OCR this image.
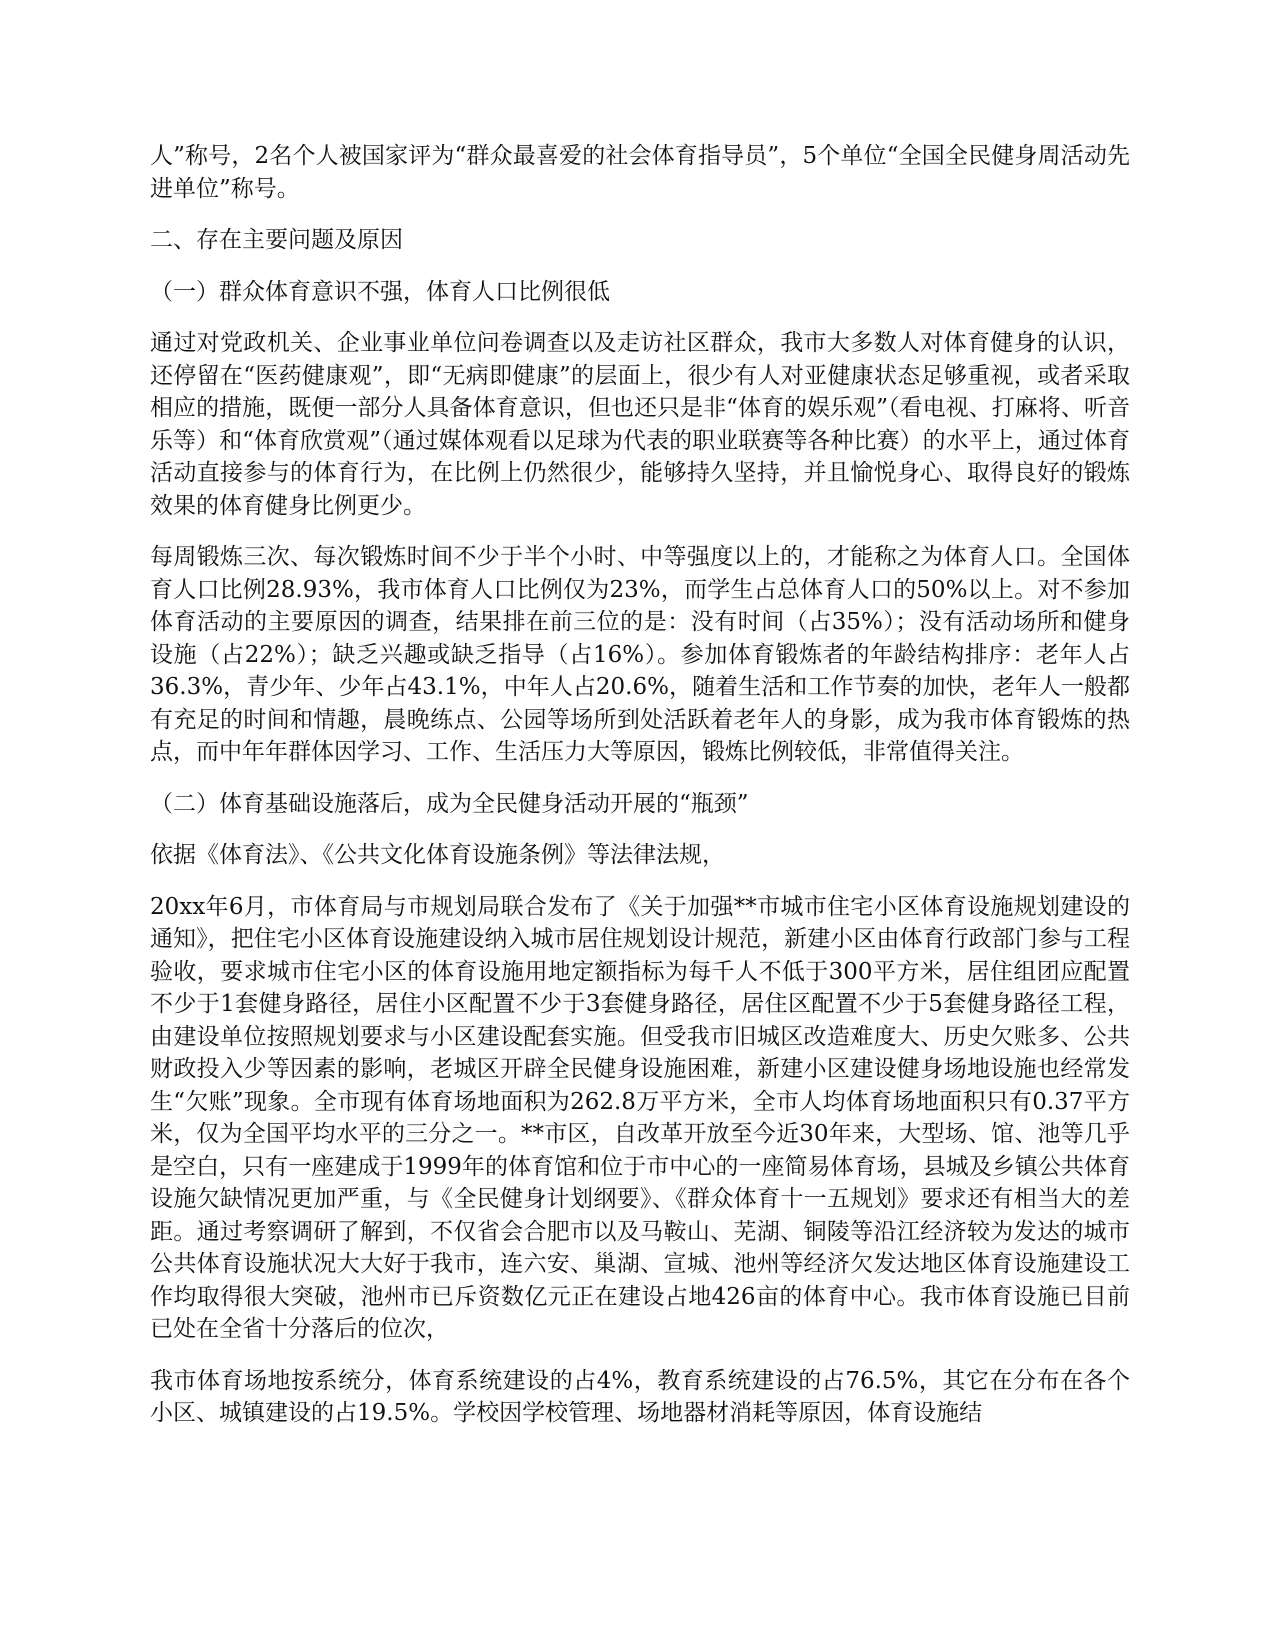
人”称号，2名个人被国家评为“群众最喜爱的社会体育指导员”，5个单位“全国全民健身周活动先进单位”称号。

二、存在主要问题及原因

（一）群众体育意识不强，体育人口比例很低

通过对党政机关、企业事业单位问卷调查以及走访社区群众，我市大多数人对体育健身的认识，还停留在“医药健康观”，即“无病即健康”的层面上，很少有人对亚健康状态足够重视，或者采取相应的措施，既便一部分人具备体育意识，但也还只是非“体育的娱乐观”（看电视、打麻将、听音乐等）和“体育欣赏观”（通过媒体观看以足球为代表的职业联赛等各种比赛）的水平上，通过体育活动直接参与的体育行为，在比例上仍然很少，能够持久坚持，并且愉悦身心、取得良好的锻炼效果的体育健身比例更少。

每周锻炼三次、每次锻炼时间不少于半个小时、中等强度以上的，才能称之为体育人口。全国体育人口比例28.93%，我市体育人口比例仅为23%，而学生占总体育人口的50%以上。对不参加体育活动的主要原因的调查，结果排在前三位的是：没有时间（占35%）；没有活动场所和健身设施（占22%）；缺乏兴趣或缺乏指导（占16%）。参加体育锻炼者的年龄结构排序：老年人占36.3%，青少年、少年占43.1%，中年人占20.6%，随着生活和工作节奏的加快，老年人一般都有充足的时间和情趣，晨晚练点、公园等场所到处活跃着老年人的身影，成为我市体育锻炼的热点，而中年年群体因学习、工作、生活压力大等原因，锻炼比例较低，非常值得关注。

（二）体育基础设施落后，成为全民健身活动开展的“瓶颈”

依据《体育法》、《公共文化体育设施条例》等法律法规，

20xx年6月，市体育局与市规划局联合发布了《关于加强**市城市住宅小区体育设施规划建设的通知》，把住宅小区体育设施建设纳入城市居住规划设计规范，新建小区由体育行政部门参与工程验收，要求城市住宅小区的体育设施用地定额指标为每千人不低于300平方米，居住组团应配置不少于1套健身路径，居住小区配置不少于3套健身路径，居住区配置不少于5套健身路径工程，由建设单位按照规划要求与小区建设配套实施。但受我市旧城区改造难度大、历史欠账多、公共财政投入少等因素的影响，老城区开辟全民健身设施困难，新建小区建设健身场地设施也经常发生“欠账”现象。全市现有体育场地面积为262.8万平方米，全市人均体育场地面积只有0.37平方米，仅为全国平均水平的三分之一。**市区，自改革开放至今近30年来，大型场、馆、池等几乎是空白，只有一座建成于1999年的体育馆和位于市中心的一座简易体育场，县城及乡镇公共体育设施欠缺情况更加严重，与《全民健身计划纲要》、《群众体育十一五规划》要求还有相当大的差距。通过考察调研了解到，不仅省会合肥市以及马鞍山、芜湖、铜陵等沿江经济较为发达的城市公共体育设施状况大大好于我市，连六安、巢湖、宣城、池州等经济欠发达地区体育设施建设工作均取得很大突破，池州市已斥资数亿元正在建设占地426亩的体育中心。我市体育设施已目前已处在全省十分落后的位次，

我市体育场地按系统分，体育系统建设的占4%，教育系统建设的占76.5%，其它在分布在各个小区、城镇建设的占19.5%。学校因学校管理、场地器材消耗等原因，体育设施结
